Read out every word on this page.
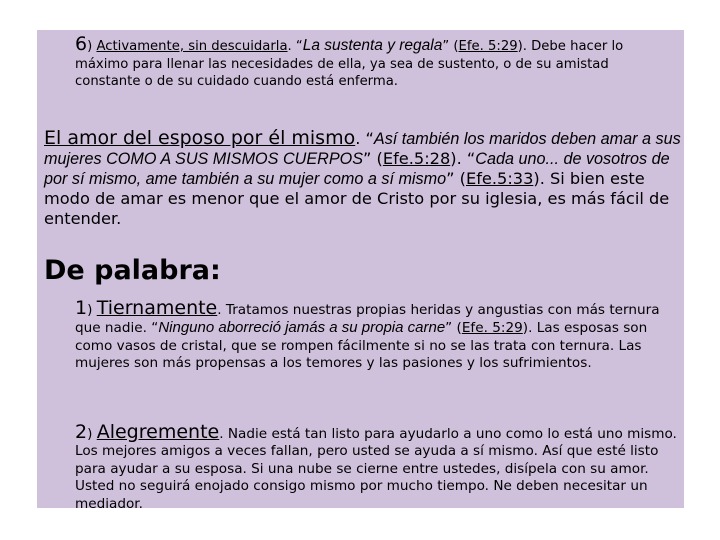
6) Activamente, sin descuidarla. “La sustenta y regala” (Efe. 5:29). Debe hacer lo máximo para llenar las necesidades de ella, ya sea de sustento, o de su amistad constante o de su cuidado cuando está enferma.
El amor del esposo por él mismo. “Así también los maridos deben amar a sus mujeres COMO A SUS MISMOS CUERPOS” (Efe.5:28). “Cada uno... de vosotros de por sí mismo, ame también a su mujer como a sí mismo” (Efe.5:33). Si bien este modo de amar es menor que el amor de Cristo por su iglesia, es más fácil de entender.
De palabra:
1) Tiernamente. Tratamos nuestras propias heridas y angustias con más ternura que nadie. “Ninguno aborreció jamás a su propia carne” (Efe. 5:29). Las esposas son como vasos de cristal, que se rompen fácilmente si no se las trata con ternura. Las mujeres son más propensas a los temores y las pasiones y los sufrimientos.
2) Alegremente. Nadie está tan listo para ayudarlo a uno como lo está uno mismo. Los mejores amigos a veces fallan, pero usted se ayuda a sí mismo. Así que esté listo para ayudar a su esposa. Si una nube se cierne entre ustedes, disípela con su amor. Usted no seguirá enojado consigo mismo por mucho tiempo. Ne deben necesitar un mediador.
